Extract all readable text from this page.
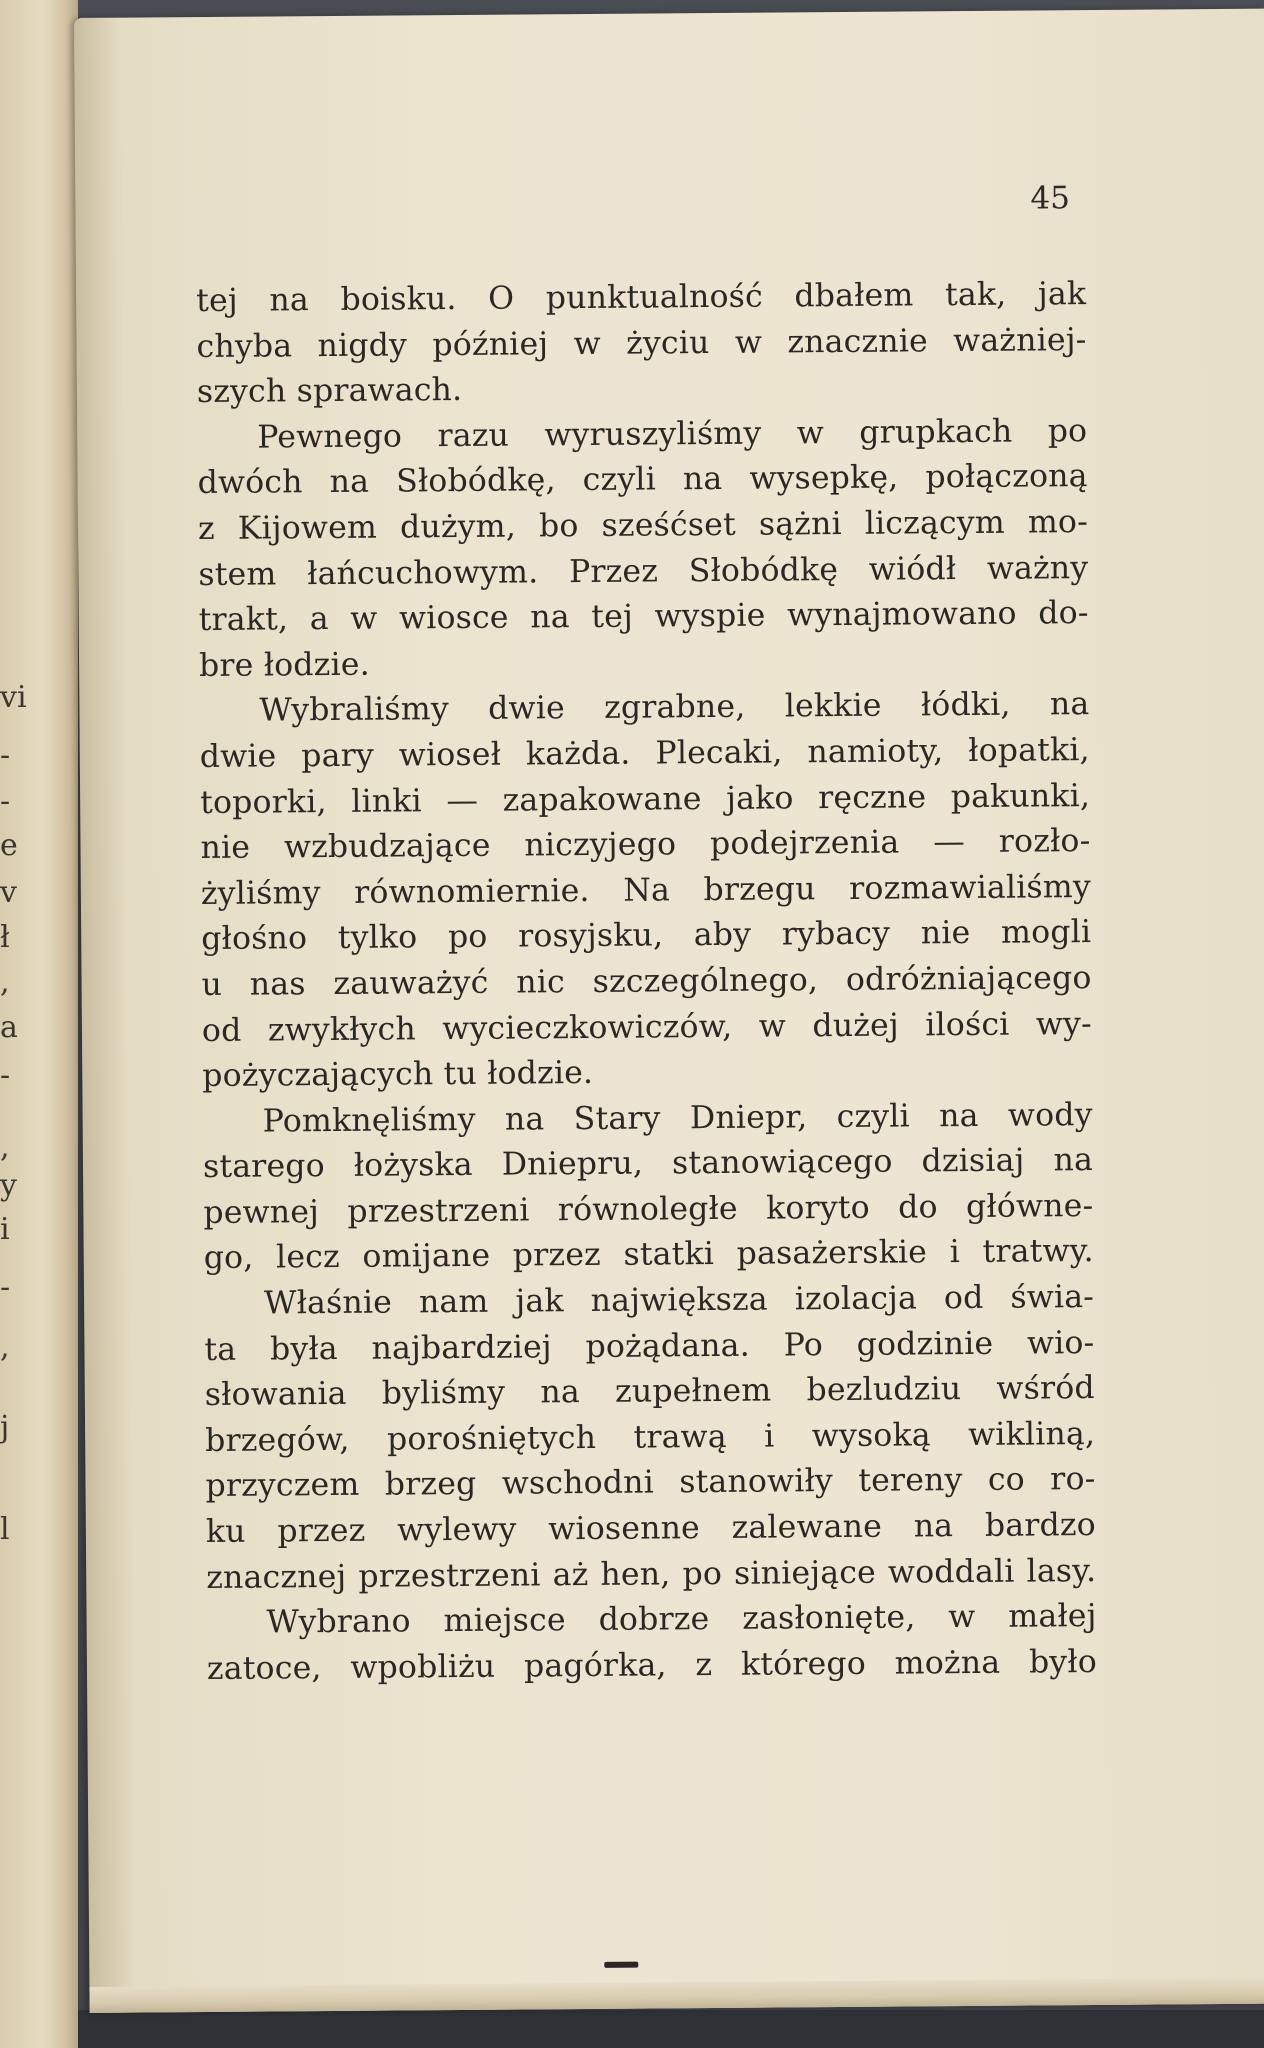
vi
-
-
e
v
ł
,
a
-
,
y
i
-
,
j
l
45
tej na boisku. O punktualność dbałem tak, jak
chyba nigdy później w życiu w znacznie ważniej-
szych sprawach.
Pewnego razu wyruszyliśmy w grupkach po
dwóch na Słobódkę, czyli na wysepkę, połączoną
z Kijowem dużym, bo sześćset sążni liczącym mo-
stem łańcuchowym. Przez Słobódkę wiódł ważny
trakt, a w wiosce na tej wyspie wynajmowano do-
bre łodzie.
Wybraliśmy dwie zgrabne, lekkie łódki, na
dwie pary wioseł każda. Plecaki, namioty, łopatki,
toporki, linki — zapakowane jako ręczne pakunki,
nie wzbudzające niczyjego podejrzenia — rozło-
żyliśmy równomiernie. Na brzegu rozmawialiśmy
głośno tylko po rosyjsku, aby rybacy nie mogli
u nas zauważyć nic szczególnego, odróżniającego
od zwykłych wycieczkowiczów, w dużej ilości wy-
pożyczających tu łodzie.
Pomknęliśmy na Stary Dniepr, czyli na wody
starego łożyska Dniepru, stanowiącego dzisiaj na
pewnej przestrzeni równoległe koryto do główne-
go, lecz omijane przez statki pasażerskie i tratwy.
Właśnie nam jak największa izolacja od świa-
ta była najbardziej pożądana. Po godzinie wio-
słowania byliśmy na zupełnem bezludziu wśród
brzegów, porośniętych trawą i wysoką wikliną,
przyczem brzeg wschodni stanowiły tereny co ro-
ku przez wylewy wiosenne zalewane na bardzo
znacznej przestrzeni aż hen, po siniejące woddali lasy.
Wybrano miejsce dobrze zasłonięte, w małej
zatoce, wpobliżu pagórka, z którego można było
